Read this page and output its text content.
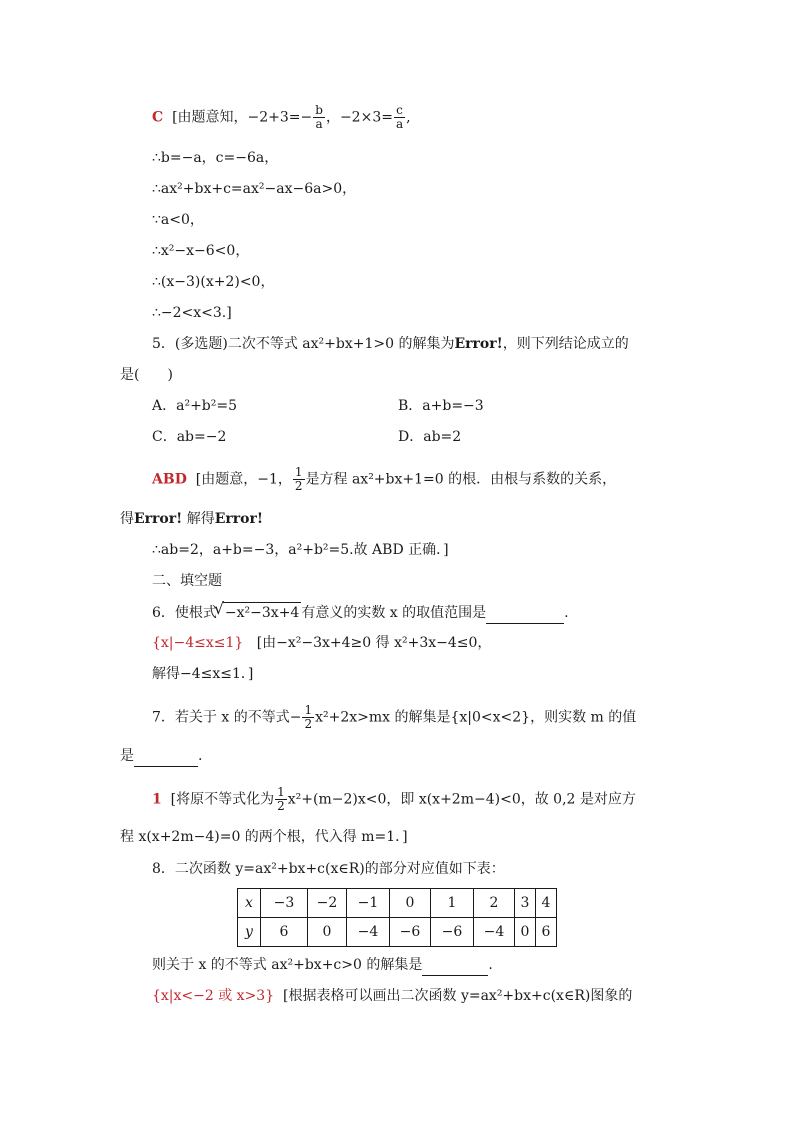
C [由题意知，$-2+3=- \frac{b}{a}$ ，$-2\times 3= \frac{c}{a}$ ,
∴b=−a，c=−6a，
∴ax²+bx+c=ax²−ax−6a>0，
∵a<0，
∴x²−x−6<0，
∴(x−3)(x+2)<0，
∴−2<x<3.]
5．(多选题)二次不等式 ax²+bx+1>0 的解集为Error!，则下列结论成立的
是(　　)
A．a²+b²=5	B．a+b=−3
C．ab=−2	D．ab=2
ABD [由题意，−1， $\frac{1}{2}$ 是方程 ax²+bx+1=0 的根．由根与系数的关系，
得Error! 解得Error!
∴ab=2，a+b=−3，a²+b²=5.故 ABD 正确．]
二、填空题
6．使根式 √ −x²−3x+4 有意义的实数 x 的取值范围是	.
{x|−4≤x≤1} [由−x²−3x+4≥0 得 x²+3x−4≤0，
解得−4≤x≤1．]
7．若关于 x 的不等式− $\frac{1}{2} x^2+2x>mx$ 的解集是{x|0<x<2}，则实数 m 的值
是	.
1 [将原不等式化为 $\frac{1}{2} x^2+(m-2)x<0$，即 x(x+2m−4)<0，故 0,2 是对应方
程 x(x+2m−4)=0 的两个根，代入得 m=1．]
8．二次函数 y=ax²+bx+c(x∈R)的部分对应值如下表：
x	−3	−2	−1	0	1	2	3	4
y	6	0	−4	−6	−6	−4	0	6
则关于 x 的不等式 ax²+bx+c>0 的解集是	.
{x|x<−2 或 x>3} [根据表格可以画出二次函数 y=ax²+bx+c(x∈R)图象的
